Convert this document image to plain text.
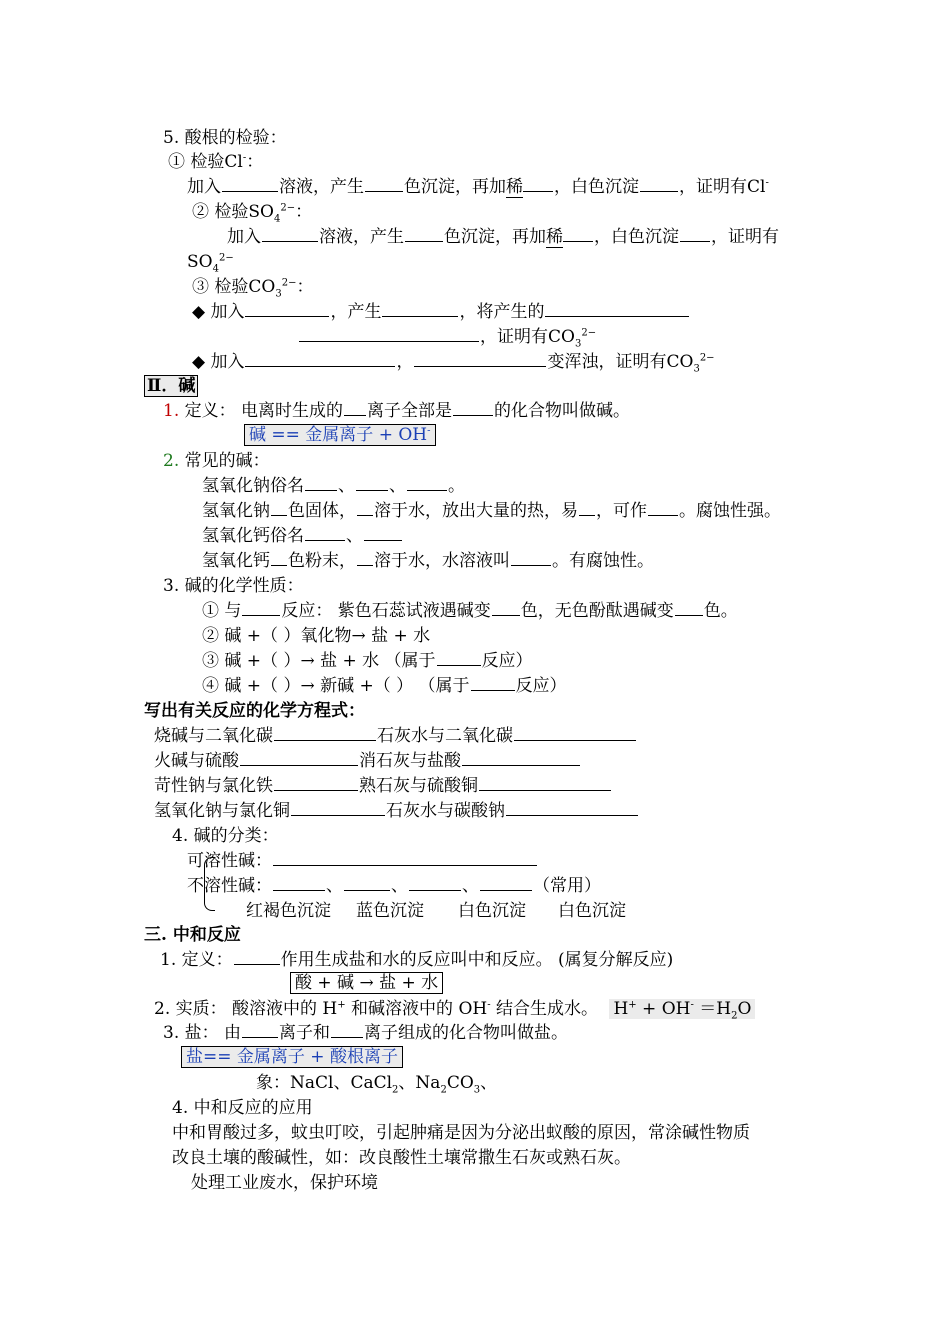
5. 酸根的检验：
① 检验Cl-：
加入	溶液，产生 色沉淀，再加稀 ，白色沉淀 ，证明有Cl-
② 检验$SO_4^{2-}$：
加入	溶液，产生 色沉淀，再加稀 ，白色沉淀 ，证明有
$SO_4^{2-}$
③ 检验$CO_3^{2-}$：
◆ 加入	，产生	，将产生的
，证明有$CO_3^{2-}$
◆ 加入	，	变浑浊，证明有$CO_3^{2-}$
Ⅱ．碱
1. 定义： 电离时生成的 离子全部是 的化合物叫做碱。
碱 == 金属离子 + OH-
2. 常见的碱：
氢氧化钠俗名 、 、 。
氢氧化钠 色固体， 溶于水，放出大量的热，易 ，可作 。腐蚀性强。
氢氧化钙俗名 、
氢氧化钙 色粉末， 溶于水，水溶液叫 。有腐蚀性。
3. 碱的化学性质：
① 与 反应： 紫色石蕊试液遇碱变 色，无色酚酞遇碱变 色。
② 碱 +（ ）氧化物→ 盐 + 水
③ 碱 +（ ）→ 盐 + 水 （属于	反应）
④ 碱 +（ ）→ 新碱 +（ ） （属于	反应）
写出有关反应的化学方程式：
烧碱与二氧化碳	石灰水与二氧化碳
火碱与硫酸	消石灰与盐酸
苛性钠与氯化铁	熟石灰与硫酸铜
氢氧化钠与氯化铜	石灰水与碳酸钠
4. 碱的分类：
可溶性碱：
不溶性碱：	、	、	、	（常用）
红褐色沉淀 蓝色沉淀 白色沉淀 白色沉淀
三. 中和反应
1. 定义：	作用生成盐和水的反应叫中和反应。 (属复分解反应)
酸 + 碱 → 盐 + 水
2. 实质： 酸溶液中的 H+ 和碱溶液中的 OH- 结合生成水。 $H^+ + OH^- =H_2O$
3. 盐： 由 离子和 离子组成的化合物叫做盐。
盐== 金属离子 + 酸根离子
象：NaCl、CaCl$_2$、$Na_2CO_3$、
4. 中和反应的应用
中和胃酸过多，蚊虫叮咬，引起肿痛是因为分泌出蚁酸的原因，常涂碱性物质
改良土壤的酸碱性，如：改良酸性土壤常撒生石灰或熟石灰。
处理工业废水，保护环境
